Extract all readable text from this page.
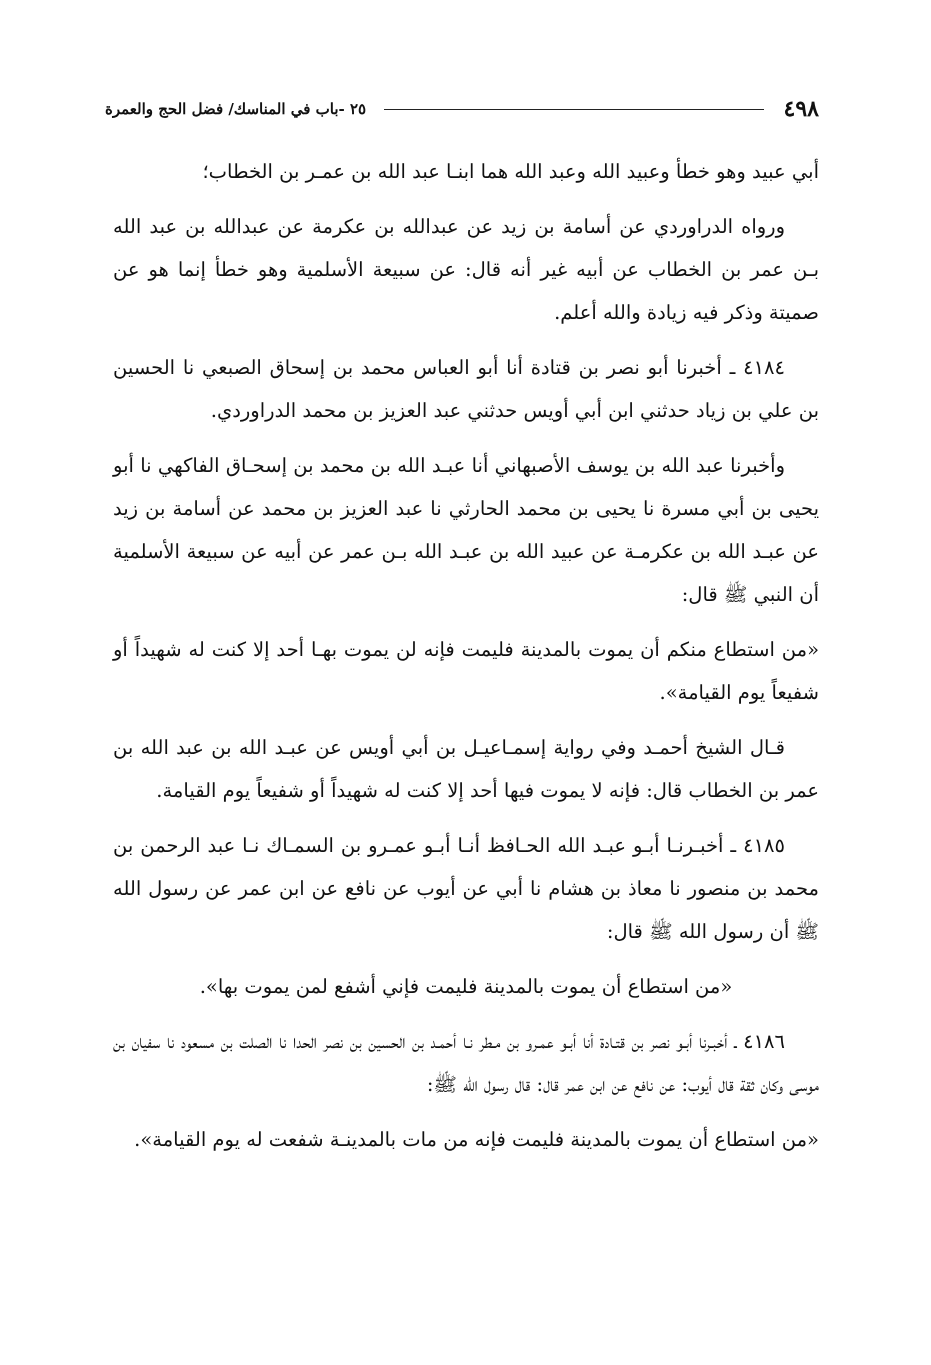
٤٩٨
٢٥ -باب في المناسك/ فضل الحج والعمرة

أبي عبيد وهو خطأ وعبيد الله وعبد الله هما ابنـا عبد الله بن عمـر بن الخطاب؛

ورواه الدراوردي عن أسامة بن زيد عن عبدالله بن عكرمة عن عبدالله بن عبد الله بـن عمر بن الخطاب عن أبيه غير أنه قال: عن سبيعة الأسلمية وهو خطأ إنما هو عن صميتة وذكر فيه زيادة والله أعلم.

٤١٨٤ ـ أخبرنا أبو نصر بن قتادة أنا أبو العباس محمد بن إسحاق الصبعي نا الحسين بن علي بن زياد حدثني ابن أبي أويس حدثني عبد العزيز بن محمد الدراوردي.

وأخبرنا عبد الله بن يوسف الأصبهاني أنا عبـد الله بن محمد بن إسحـاق الفاكهي نا أبو يحيى بن أبي مسرة نا يحيى بن محمد الحارثي نا عبد العزيز بن محمد عن أسامة بن زيد عن عبـد الله بن عكرمـة عن عبيد الله بن عبـد الله بـن عمر عن أبيه عن سبيعة الأسلمية أن النبي ﷺ قال:

«من استطاع منكم أن يموت بالمدينة فليمت فإنه لن يموت بهـا أحد إلا كنت له شهيداً أو شفيعاً يوم القيامة».

قـال الشيخ أحمـد وفي رواية إسمـاعيـل بن أبي أويس عن عبـد الله بن عبد الله بن عمر بن الخطاب قال: فإنه لا يموت فيها أحد إلا كنت له شهيداً أو شفيعاً يوم القيامة.

٤١٨٥ ـ أخبـرنـا أبـو عبـد الله الحـافظ أنـا أبـو عمـرو بن السمـاك نـا عبد الرحمن بن محمد بن منصور نا معاذ بن هشام نا أبي عن أيوب عن نافع عن ابن عمر عن رسول الله ﷺ أن رسول الله ﷺ قال:

«من استطاع أن يموت بالمدينة فليمت فإني أشفع لمن يموت بها».

٤١٨٦ ـ أخبـرنا أبـو نصر بن قتـادة أنا أبـو عمـرو بن مـطر نـا أحمـد بن الحسين بن نصر الحدا نا الصلت بن مسعود نا سفيان بن موسى وكان ثقة قال أيوب: عن نافع عن ابن عمر قال: قال رسول الله ﷺ:

«من استطاع أن يموت بالمدينة فليمت فإنه من مات بالمدينـة شفعت له يوم القيامة».
